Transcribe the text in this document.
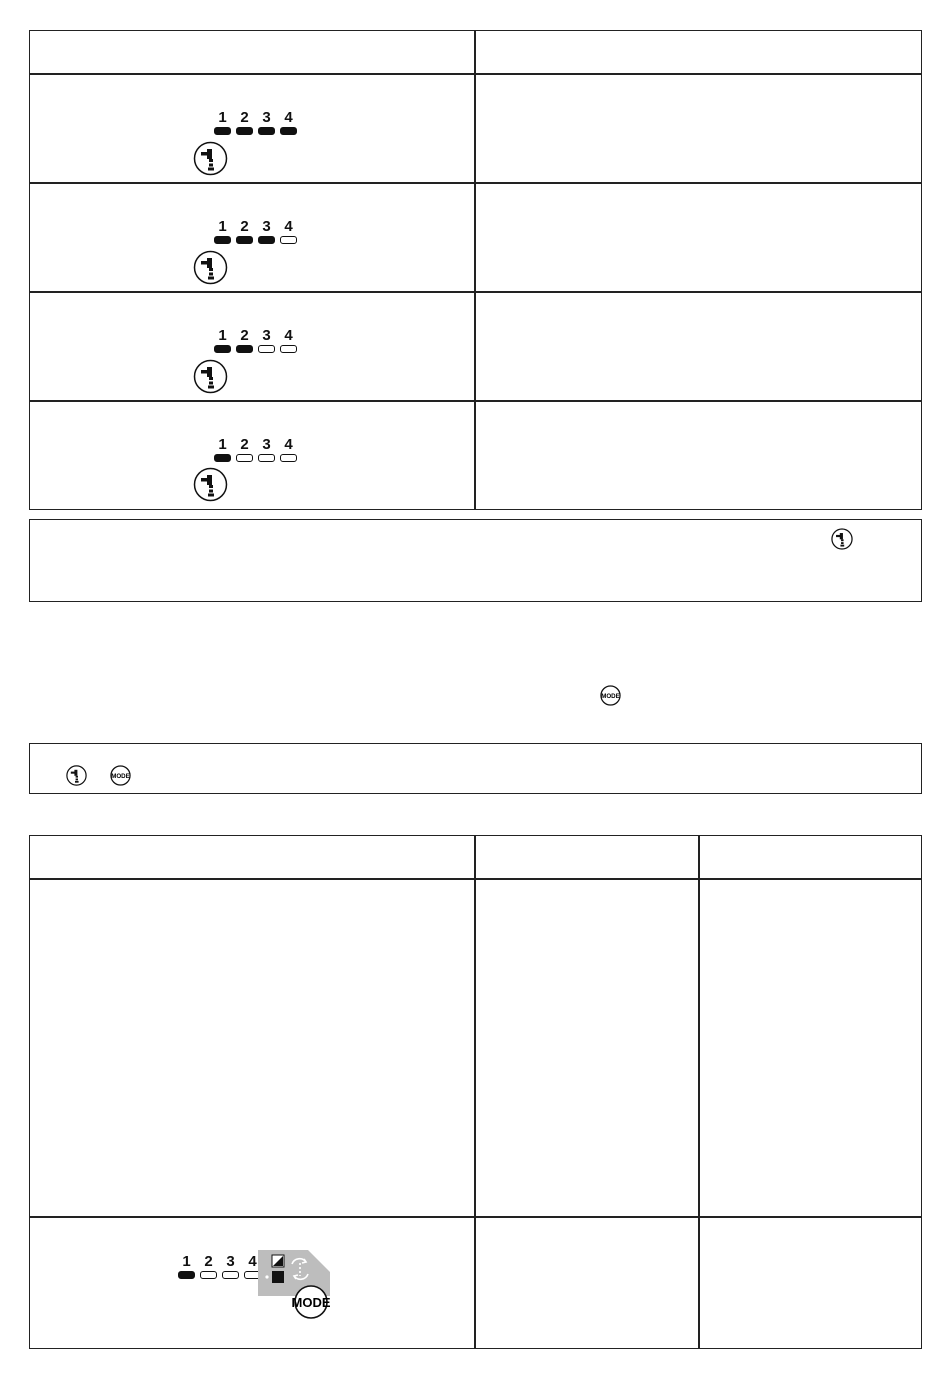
1 2 3 4
1 2 3 4
1 2 3 4
1 2 3 4
MODE
MODE
1 2 3 4
MODE
